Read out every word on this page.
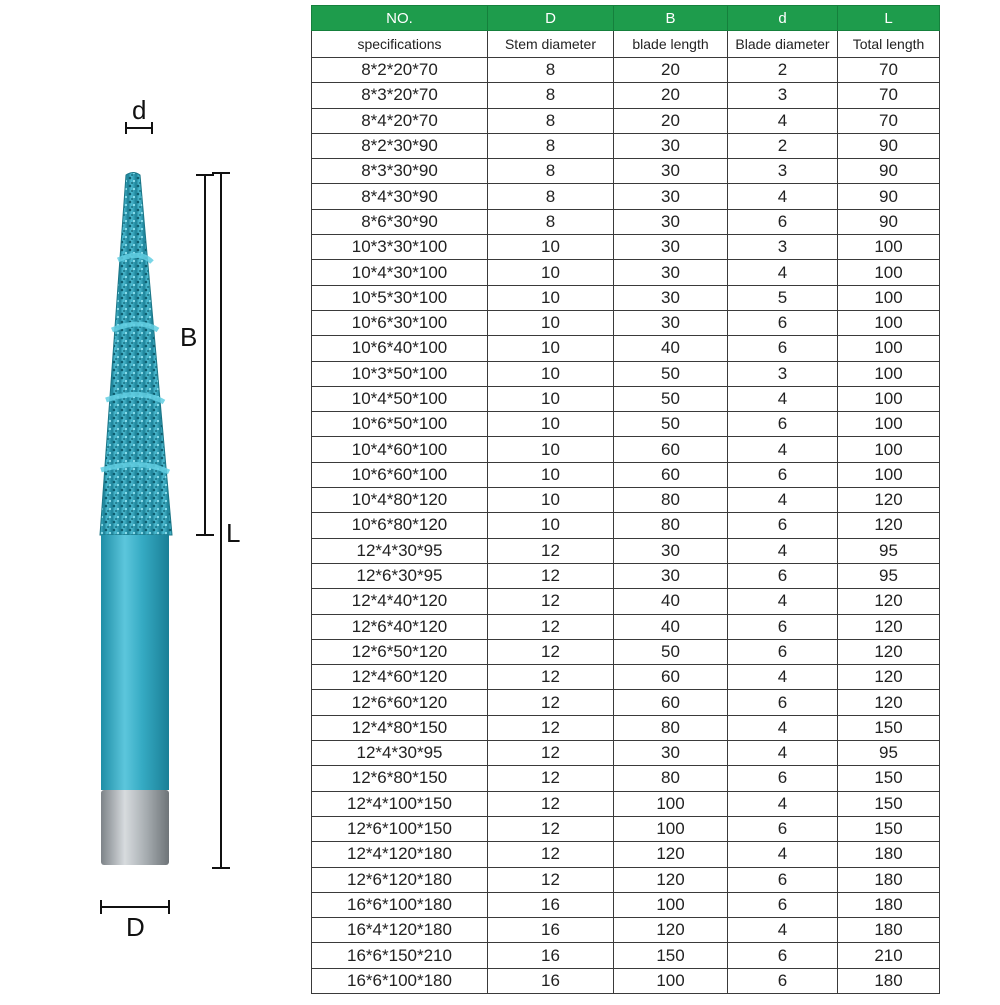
d
B
L
D
NO.	D	B	d	L
specifications	Stem diameter	blade length	Blade diameter	Total length
8*2*20*70	8	20	2	70
8*3*20*70	8	20	3	70
8*4*20*70	8	20	4	70
8*2*30*90	8	30	2	90
8*3*30*90	8	30	3	90
8*4*30*90	8	30	4	90
8*6*30*90	8	30	6	90
10*3*30*100	10	30	3	100
10*4*30*100	10	30	4	100
10*5*30*100	10	30	5	100
10*6*30*100	10	30	6	100
10*6*40*100	10	40	6	100
10*3*50*100	10	50	3	100
10*4*50*100	10	50	4	100
10*6*50*100	10	50	6	100
10*4*60*100	10	60	4	100
10*6*60*100	10	60	6	100
10*4*80*120	10	80	4	120
10*6*80*120	10	80	6	120
12*4*30*95	12	30	4	95
12*6*30*95	12	30	6	95
12*4*40*120	12	40	4	120
12*6*40*120	12	40	6	120
12*6*50*120	12	50	6	120
12*4*60*120	12	60	4	120
12*6*60*120	12	60	6	120
12*4*80*150	12	80	4	150
12*4*30*95	12	30	4	95
12*6*80*150	12	80	6	150
12*4*100*150	12	100	4	150
12*6*100*150	12	100	6	150
12*4*120*180	12	120	4	180
12*6*120*180	12	120	6	180
16*6*100*180	16	100	6	180
16*4*120*180	16	120	4	180
16*6*150*210	16	150	6	210
16*6*100*180	16	100	6	180
